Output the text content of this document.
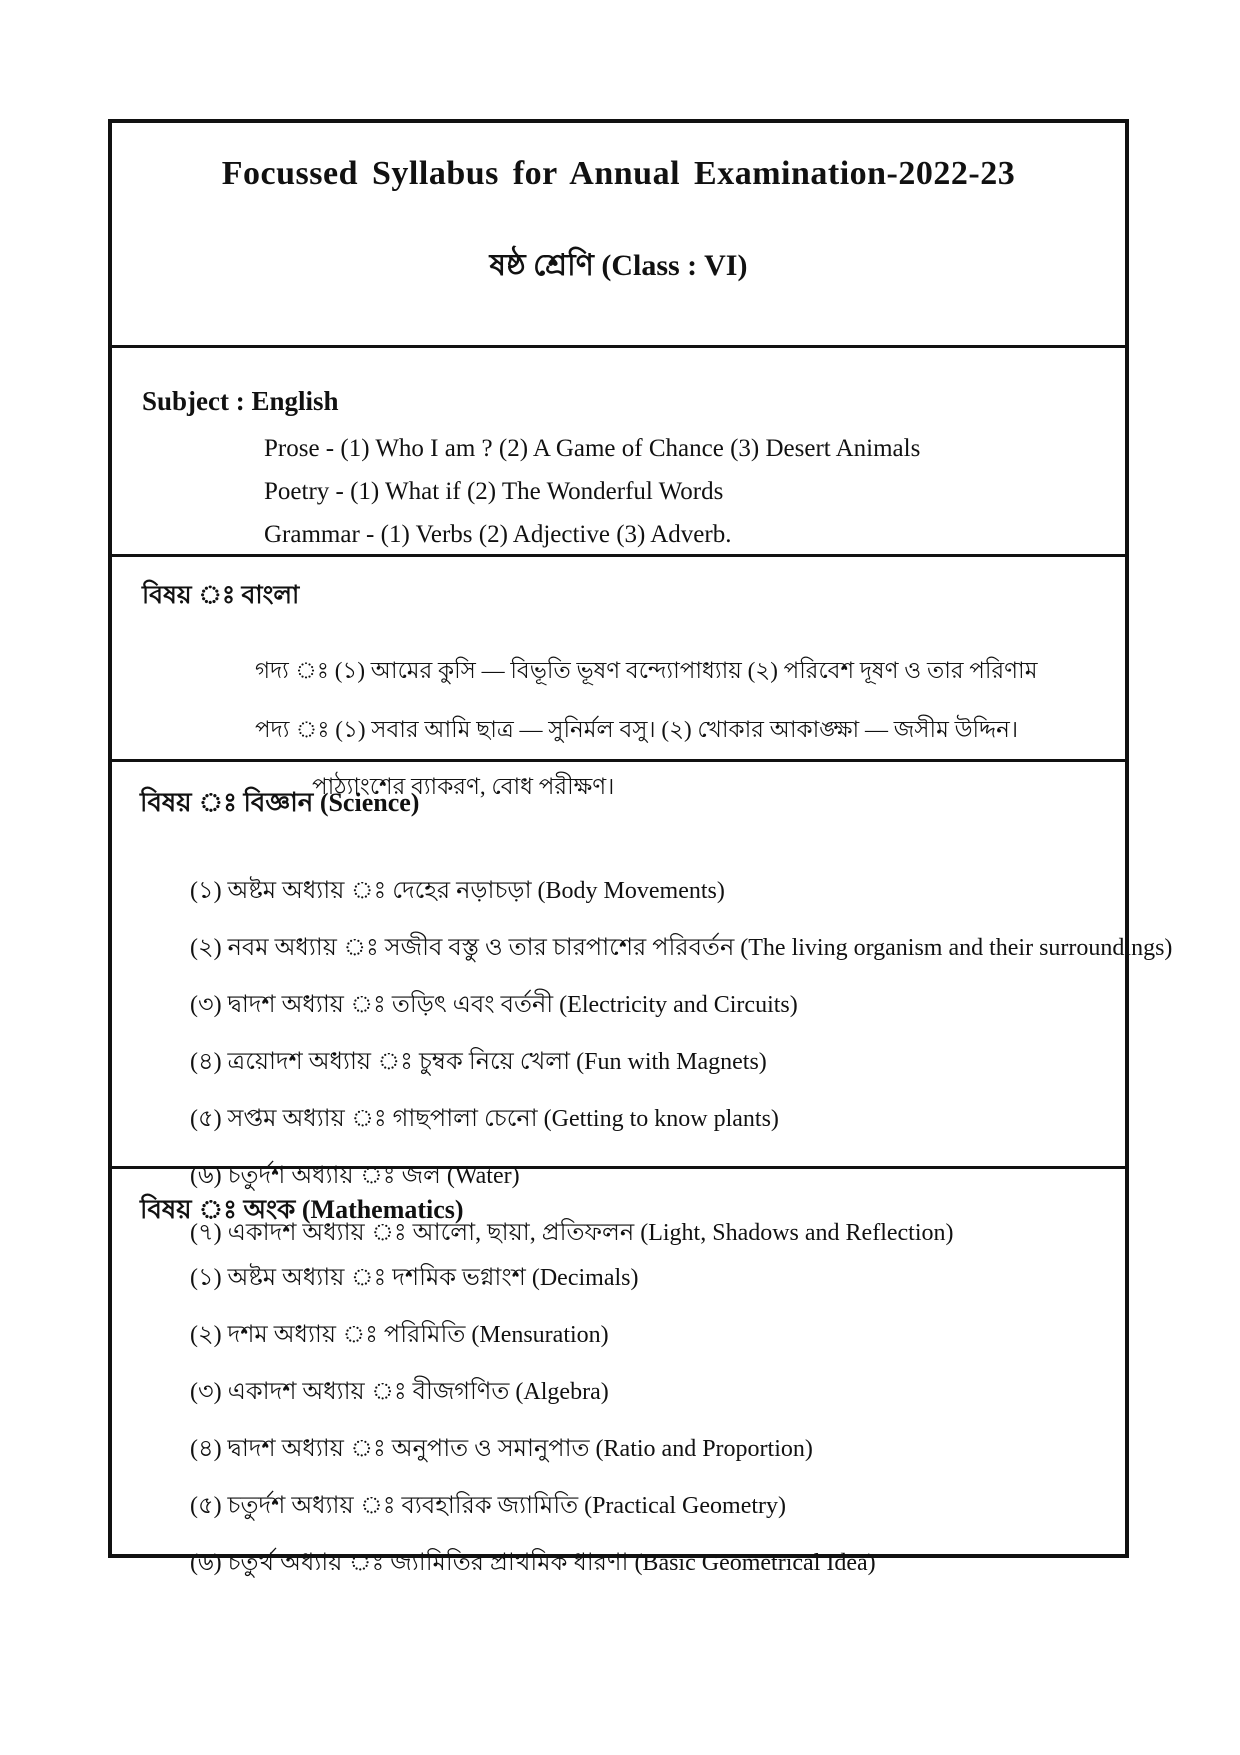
Focussed Syllabus for Annual Examination-2022-23
ষষ্ঠ শ্রেণি (Class : VI)
Subject : English
Prose - (1) Who I am ? (2) A Game of Chance (3) Desert Animals
Poetry - (1) What if (2) The Wonderful Words
Grammar - (1) Verbs (2) Adjective (3) Adverb.
বিষয় ঃ বাংলা
গদ্য ঃ (১) আমের কুসি — বিভূতি ভূষণ বন্দ্যোপাধ্যায় (২) পরিবেশ দূষণ ও তার পরিণাম
পদ্য ঃ (১) সবার আমি ছাত্র — সুনির্মল বসু। (২) খোকার আকাঙ্ক্ষা — জসীম উদ্দিন।
পাঠ্যাংশের ব্যাকরণ, বোধ পরীক্ষণ।
বিষয় ঃ বিজ্ঞান (Science)
(১) অষ্টম অধ্যায় ঃ দেহের নড়াচড়া (Body Movements)
(২) নবম অধ্যায় ঃ সজীব বস্তু ও তার চারপাশের পরিবর্তন (The living organism and their surroundings)
(৩) দ্বাদশ অধ্যায় ঃ তড়িৎ এবং বর্তনী (Electricity and Circuits)
(৪) ত্রয়োদশ অধ্যায় ঃ চুম্বক নিয়ে খেলা (Fun with Magnets)
(৫) সপ্তম অধ্যায় ঃ গাছপালা চেনো (Getting to know plants)
(৬) চতুর্দশ অধ্যায় ঃ জল (Water)
(৭) একাদশ অধ্যায় ঃ আলো, ছায়া, প্রতিফলন (Light, Shadows and Reflection)
বিষয় ঃ অংক (Mathematics)
(১) অষ্টম অধ্যায় ঃ দশমিক ভগ্নাংশ (Decimals)
(২) দশম অধ্যায় ঃ পরিমিতি (Mensuration)
(৩) একাদশ অধ্যায় ঃ বীজগণিত (Algebra)
(৪) দ্বাদশ অধ্যায় ঃ অনুপাত ও সমানুপাত (Ratio and Proportion)
(৫) চতুর্দশ অধ্যায় ঃ ব্যবহারিক জ্যামিতি (Practical Geometry)
(৬) চতুর্থ অধ্যায় ঃ জ্যামিতির প্রাথমিক ধারণা (Basic Geometrical Idea)
